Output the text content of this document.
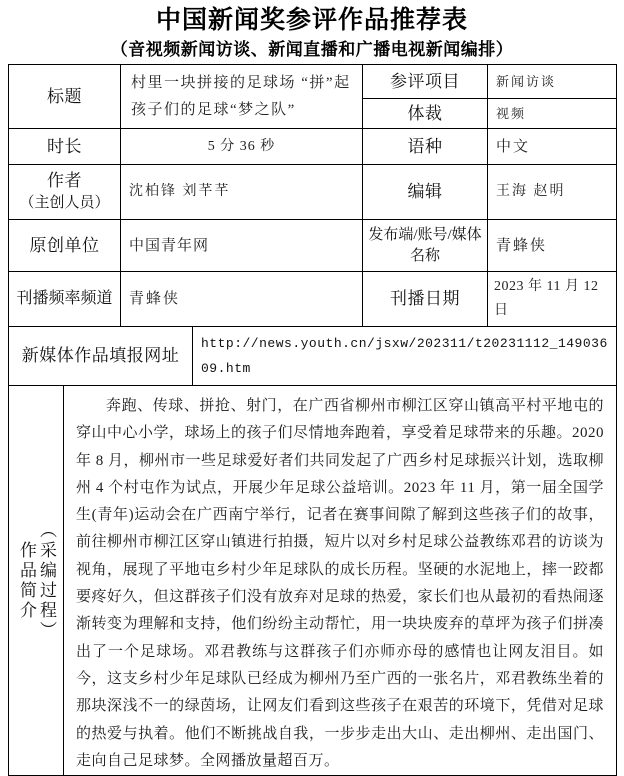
中国新闻奖参评作品推荐表
（音视频新闻访谈、新闻直播和广播电视新闻编排）
标题		村里一块拼接的足球场 “拼”起孩子们的足球“梦之队”		参评项目	新闻访谈
				体裁	视频
时长		5 分 36 秒		语种	中文

作者
（主创人员）		沈柏锋 刘芊芊		编辑	王海 赵明
原创单位		中国青年网		发布端/账号/媒体名称	青蜂侠
刊播频率频道		青蜂侠		刊播日期	2023 年 11 月 12 日
新媒体作品填报网址			http://news.youth.cn/jsxw/202311/t20231112_14903609.htm		

作品简介 （采编过程）	奔跑、传球、拼抢、射门，在广西省柳州市柳江区穿山镇高平村平地屯的穿山中心小学，球场上的孩子们尽情地奔跑着，享受着足球带来的乐趣。2020 年 8 月，柳州市一些足球爱好者们共同发起了广西乡村足球振兴计划，选取柳州 4 个村屯作为试点，开展少年足球公益培训。2023 年 11 月，第一届全国学生(青年)运动会在广西南宁举行，记者在赛事间隙了解到这些孩子们的故事，前往柳州市柳江区穿山镇进行拍摄，短片以对乡村足球公益教练邓君的访谈为视角，展现了平地屯乡村少年足球队的成长历程。坚硬的水泥地上，摔一跤都要疼好久，但这群孩子们没有放弃对足球的热爱，家长们也从最初的看热闹逐渐转变为理解和支持，他们纷纷主动帮忙，用一块块废弃的草坪为孩子们拼凑出了一个足球场。邓君教练与这群孩子们亦师亦母的感情也让网友泪目。如今，这支乡村少年足球队已经成为柳州乃至广西的一张名片，邓君教练坐着的那块深浅不一的绿茵场，让网友们看到这些孩子在艰苦的环境下，凭借对足球的热爱与执着。他们不断挑战自我，一步步走出大山、走出柳州、走出国门、走向自己足球梦。全网播放量超百万。				
